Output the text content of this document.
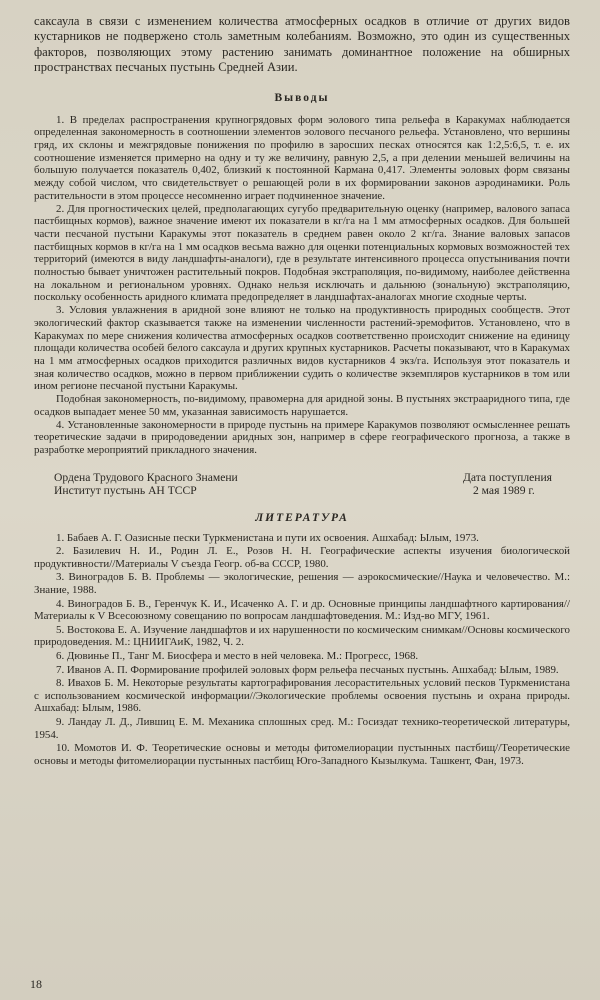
саксаула в связи с изменением количества атмосферных осадков в отличие от других видов кустарников не подвержено столь заметным колебаниям. Возможно, это один из существенных факторов, позволяющих этому растению занимать доминантное положение на обширных пространствах песчаных пустынь Средней Азии.

Выводы

1. В пределах распространения крупногрядовых форм эолового типа рельефа в Каракумах наблюдается определенная закономерность в соотношении элементов эолового песчаного рельефа. Установлено, что вершины гряд, их склоны и межгрядовые понижения по профилю в заросших песках относятся как 1:2,5:6,5, т. е. их соотношение изменяется примерно на одну и ту же величину, равную 2,5, а при делении меньшей величины на большую получается показатель 0,402, близкий к постоянной Кармана 0,417. Элементы эоловых форм связаны между собой числом, что свидетельствует о решающей роли в их формировании законов аэродинамики. Роль растительности в этом процессе несомненно играет подчиненное значение.

2. Для прогностических целей, предполагающих сугубо предварительную оценку (например, валового запаса пастбищных кормов), важное значение имеют их показатели в кг/га на 1 мм атмосферных осадков. Для большей части песчаной пустыни Каракумы этот показатель в среднем равен около 2 кг/га. Знание валовых запасов пастбищных кормов в кг/га на 1 мм осадков весьма важно для оценки потенциальных кормовых возможностей тех территорий (имеются в виду ландшафты-аналоги), где в результате интенсивного процесса опустынивания почти полностью бывает уничтожен растительный покров. Подобная экстраполяция, по-видимому, наиболее действенна на локальном и региональном уровнях. Однако нельзя исключать и дальнюю (зональную) экстраполяцию, поскольку особенность аридного климата предопределяет в ландшафтах-аналогах многие сходные черты.

3. Условия увлажнения в аридной зоне влияют не только на продуктивность природных сообществ. Этот экологический фактор сказывается также на изменении численности растений-эремофитов. Установлено, что в Каракумах по мере снижения количества атмосферных осадков соответственно происходит снижение на единицу площади количества особей белого саксаула и других крупных кустарников. Расчеты показывают, что в Каракумах на 1 мм атмосферных осадков приходится различных видов кустарников 4 экз/га. Используя этот показатель и зная количество осадков, можно в первом приближении судить о количестве экземпляров кустарников в том или ином регионе песчаной пустыни Каракумы.

Подобная закономерность, по-видимому, правомерна для аридной зоны. В пустынях экстрааридного типа, где осадков выпадает менее 50 мм, указанная зависимость нарушается.

4. Установленные закономерности в природе пустынь на примере Каракумов позволяют осмысленнее решать теоретические задачи в природоведении аридных зон, например в сфере географического прогноза, а также в разработке мероприятий прикладного значения.

Ордена Трудового Красного Знамени
Институт пустынь АН ТССР
Дата поступления
2 мая 1989 г.
ЛИТЕРАТУРА

1. Бабаев А. Г. Оазисные пески Туркменистана и пути их освоения. Ашхабад: Ылым, 1973.

2. Базилевич Н. И., Родин Л. Е., Розов Н. Н. Географические аспекты изучения биологической продуктивности//Материалы V съезда Геогр. об-ва СССР, 1980.

3. Виноградов Б. В. Проблемы — экологические, решения — аэрокосмические//Наука и человечество. М.: Знание, 1988.

4. Виноградов Б. В., Геренчук К. И., Исаченко А. Г. и др. Основные принципы ландшафтного картирования//Материалы к V Всесоюзному совещанию по вопросам ландшафтоведения. М.: Изд-во МГУ, 1961.

5. Востокова Е. А. Изучение ландшафтов и их нарушенности по космическим снимкам//Основы космического природоведения. М.: ЦНИИГАиК, 1982, Ч. 2.

6. Дювинье П., Танг М. Биосфера и место в ней человека. М.: Прогресс, 1968.

7. Иванов А. П. Формирование профилей эоловых форм рельефа песчаных пустынь. Ашхабад: Ылым, 1989.

8. Ивахов Б. М. Некоторые результаты картографирования лесорастительных условий песков Туркменистана с использованием космической информации//Экологические проблемы освоения пустынь и охрана природы. Ашхабад: Ылым, 1986.

9. Ландау Л. Д., Лившиц Е. М. Механика сплошных сред. М.: Госиздат технико-теоретической литературы, 1954.

10. Момотов И. Ф. Теоретические основы и методы фитомелиорации пустынных пастбищ//Теоретические основы и методы фитомелиорации пустынных пастбищ Юго-Западного Кызылкума. Ташкент, Фан, 1973.

18
